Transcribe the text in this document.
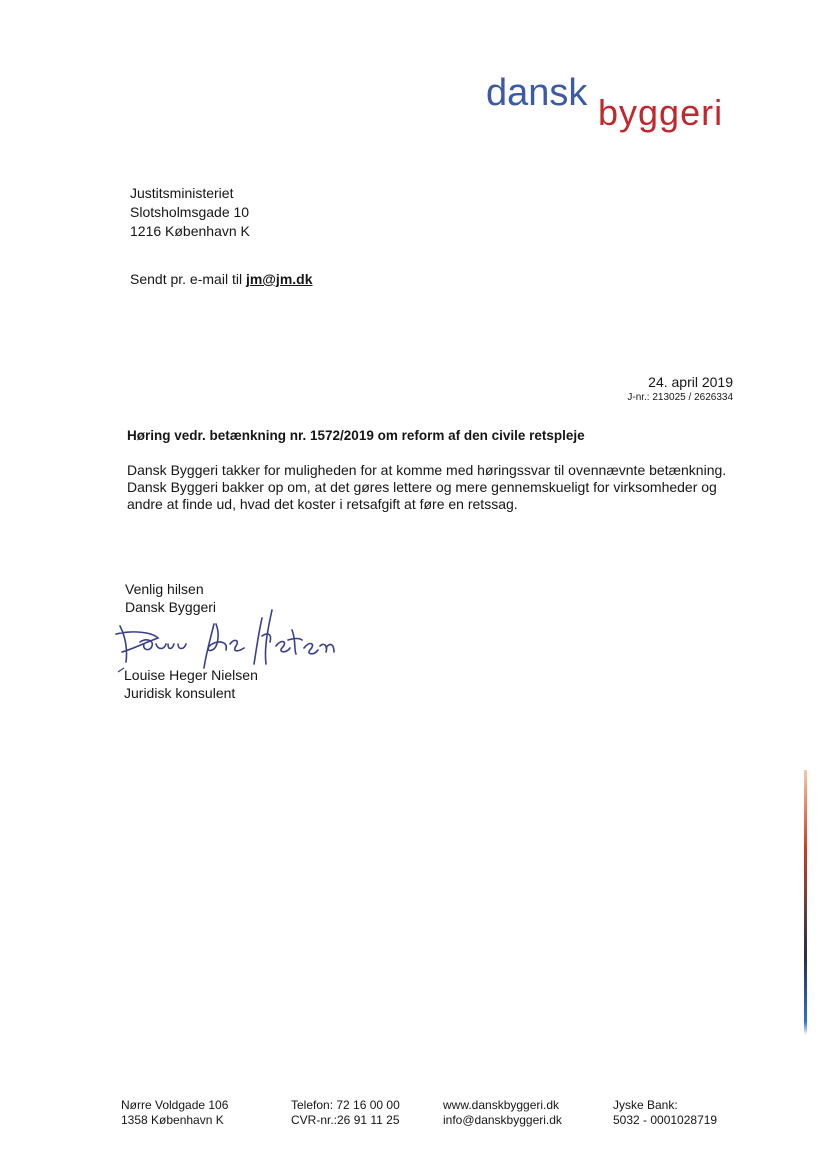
dansk byggeri
Justitsministeriet
Slotsholmsgade 10
1216 København K
Sendt pr. e-mail til jm@jm.dk
24. april 2019
J-nr.: 213025 / 2626334
Høring vedr. betænkning nr. 1572/2019 om reform af den civile retspleje
Dansk Byggeri takker for muligheden for at komme med høringssvar til ovennævnte betænkning. Dansk Byggeri bakker op om, at det gøres lettere og mere gennemskueligt for virksomheder og andre at finde ud, hvad det koster i retsafgift at føre en retssag.
Venlig hilsen
Dansk Byggeri
Louise Heger Nielsen
Juridisk konsulent
Nørre Voldgade 106
1358 København K
Telefon: 72 16 00 00
CVR-nr.:26 91 11 25
www.danskbyggeri.dk
info@danskbyggeri.dk
Jyske Bank:
5032 - 0001028719
